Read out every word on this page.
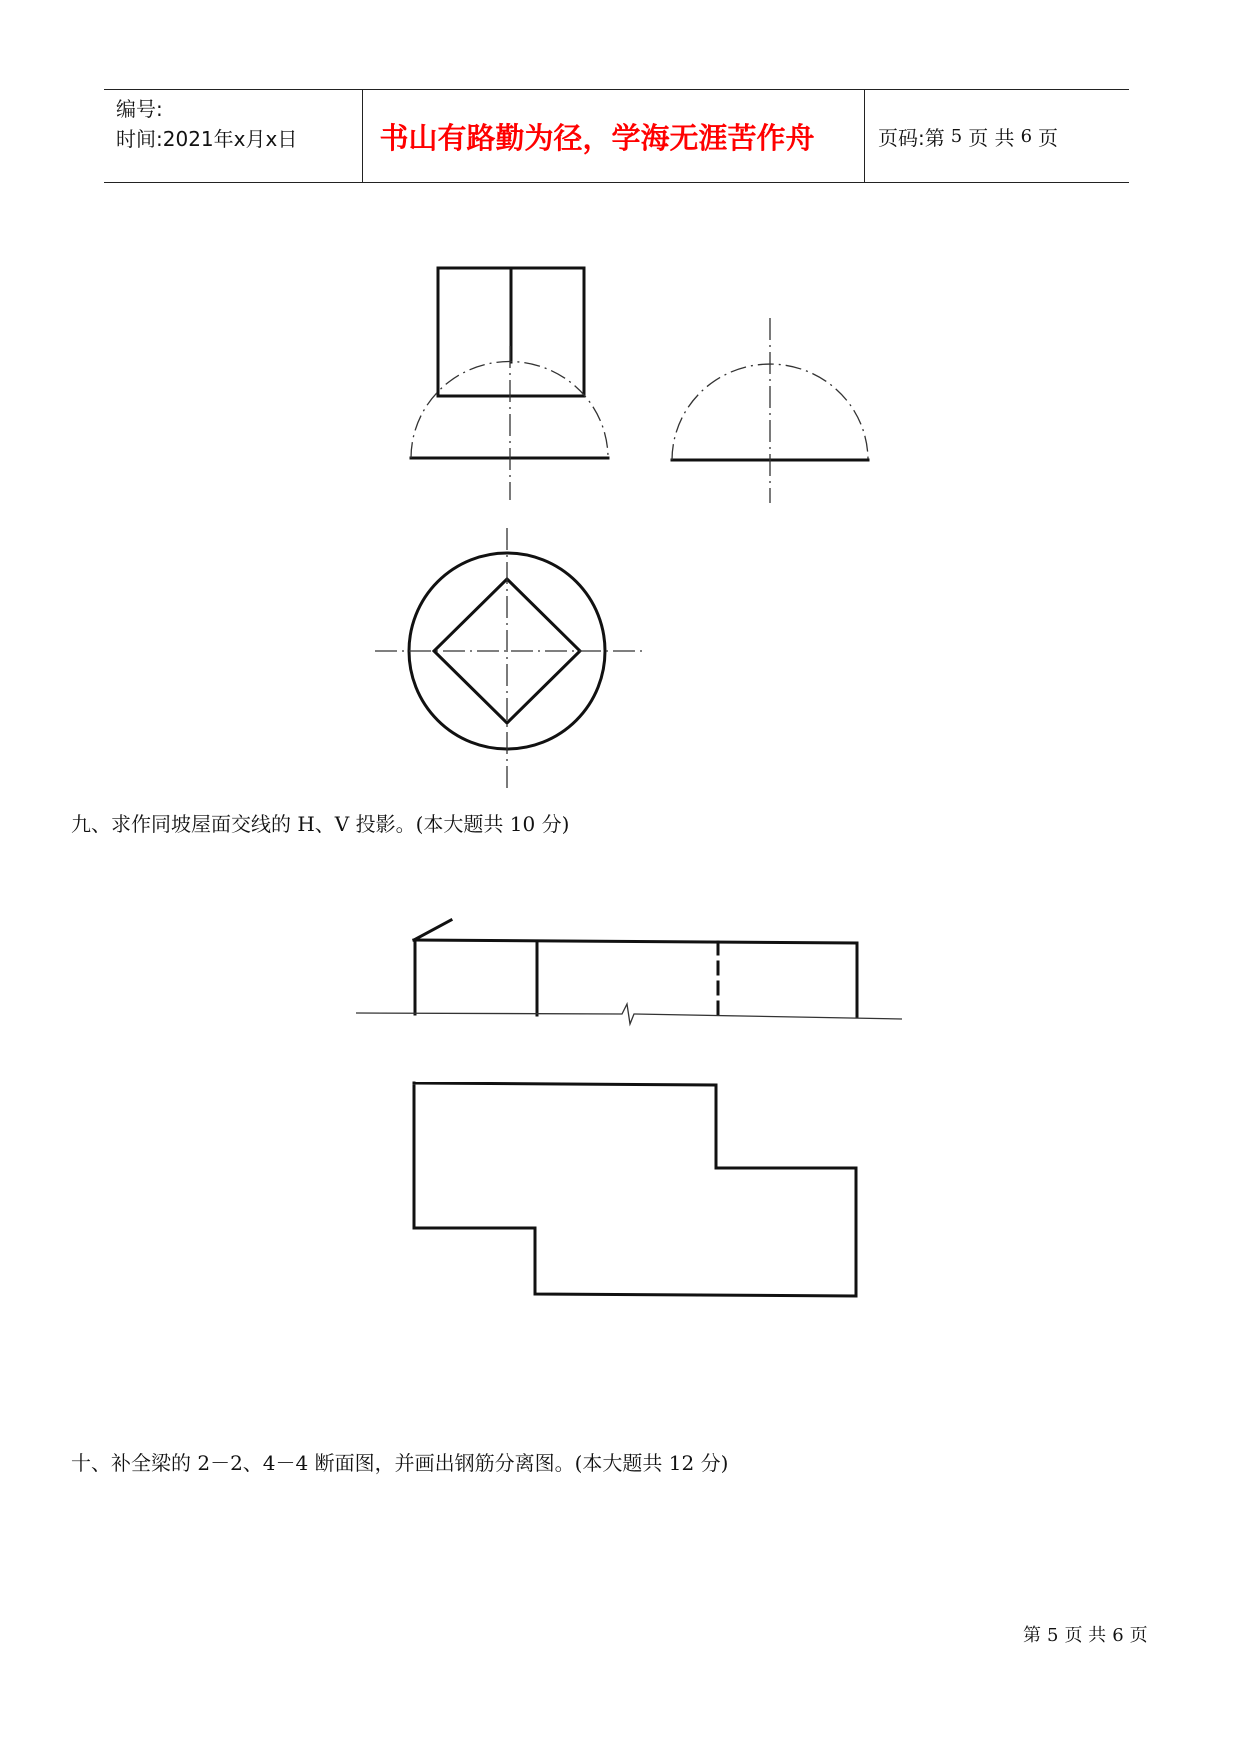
编号:
时间:2021年x月x日	书山有路勤为径，学海无涯苦作舟	页码: 第 5 页 共 6 页
九、求作同坡屋面交线的 H、V 投影。(本大题共 10 分)
十、补全梁的 2－2、4－4 断面图，并画出钢筋分离图。(本大题共 12 分)
第 5 页 共 6 页
